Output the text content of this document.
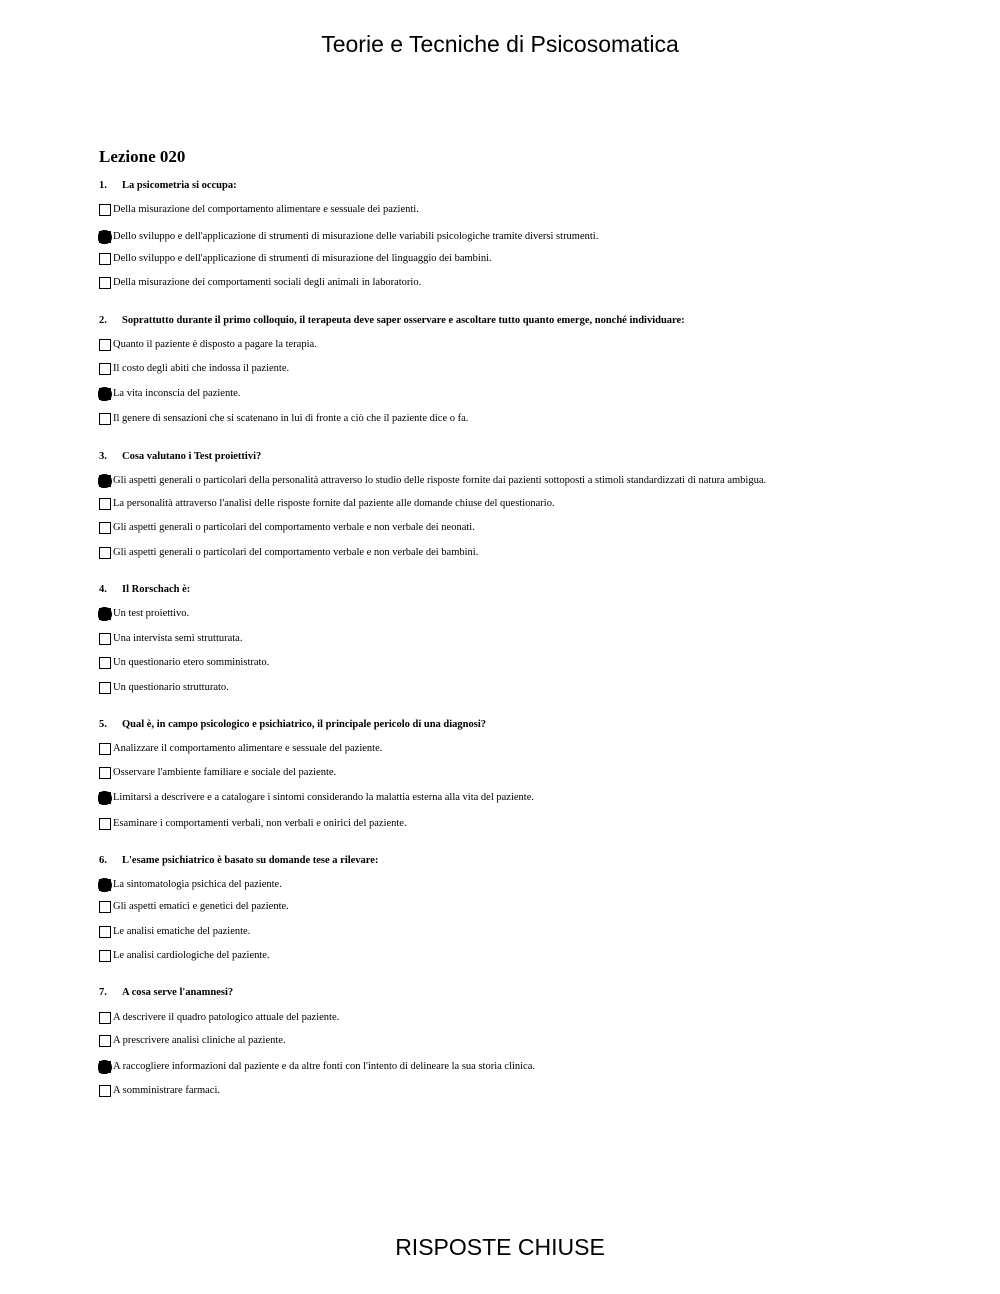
Teorie e Tecniche di Psicosomatica
Lezione 020
1. La psicometria si occupa:
Della misurazione del comportamento alimentare e sessuale dei pazienti.
Dello sviluppo e dell'applicazione di strumenti di misurazione delle variabili psicologiche tramite diversi strumenti.
Dello sviluppo e dell'applicazione di strumenti di misurazione del linguaggio dei bambini.
Della misurazione dei comportamenti sociali degli animali in laboratorio.
2. Soprattutto durante il primo colloquio, il terapeuta deve saper osservare e ascoltare tutto quanto emerge, nonché individuare:
Quanto il paziente è disposto a pagare la terapia.
Il costo degli abiti che indossa il paziente.
La vita inconscia del paziente.
Il genere di sensazioni che si scatenano in lui di fronte a ciò che il paziente dice o fa.
3. Cosa valutano i Test proiettivi?
Gli aspetti generali o particolari della personalità attraverso lo studio delle risposte fornite dai pazienti sottoposti a stimoli standardizzati di natura ambigua.
La personalità attraverso l'analisi delle risposte fornite dal paziente alle domande chiuse del questionario.
Gli aspetti generali o particolari del comportamento verbale e non verbale dei neonati.
Gli aspetti generali o particolari del comportamento verbale e non verbale dei bambini.
4. Il Rorschach è:
Un test proiettivo.
Una intervista semi strutturata.
Un questionario etero somministrato.
Un questionario strutturato.
5. Qual è, in campo psicologico e psichiatrico, il principale pericolo di una diagnosi?
Analizzare il comportamento alimentare e sessuale del paziente.
Osservare l'ambiente familiare e sociale del paziente.
Limitarsi a descrivere e a catalogare i sintomi considerando la malattia esterna alla vita del paziente.
Esaminare i comportamenti verbali, non verbali e onirici del paziente.
6. L'esame psichiatrico è basato su domande tese a rilevare:
La sintomatologia psichica del paziente.
Gli aspetti ematici e genetici del paziente.
Le analisi ematiche del paziente.
Le analisi cardiologiche del paziente.
7. A cosa serve l'anamnesi?
A descrivere il quadro patologico attuale del paziente.
A prescrivere analisi cliniche al paziente.
A raccogliere informazioni dal paziente e da altre fonti con l'intento di delineare la sua storia clinica.
A somministrare farmaci.
RISPOSTE CHIUSE
